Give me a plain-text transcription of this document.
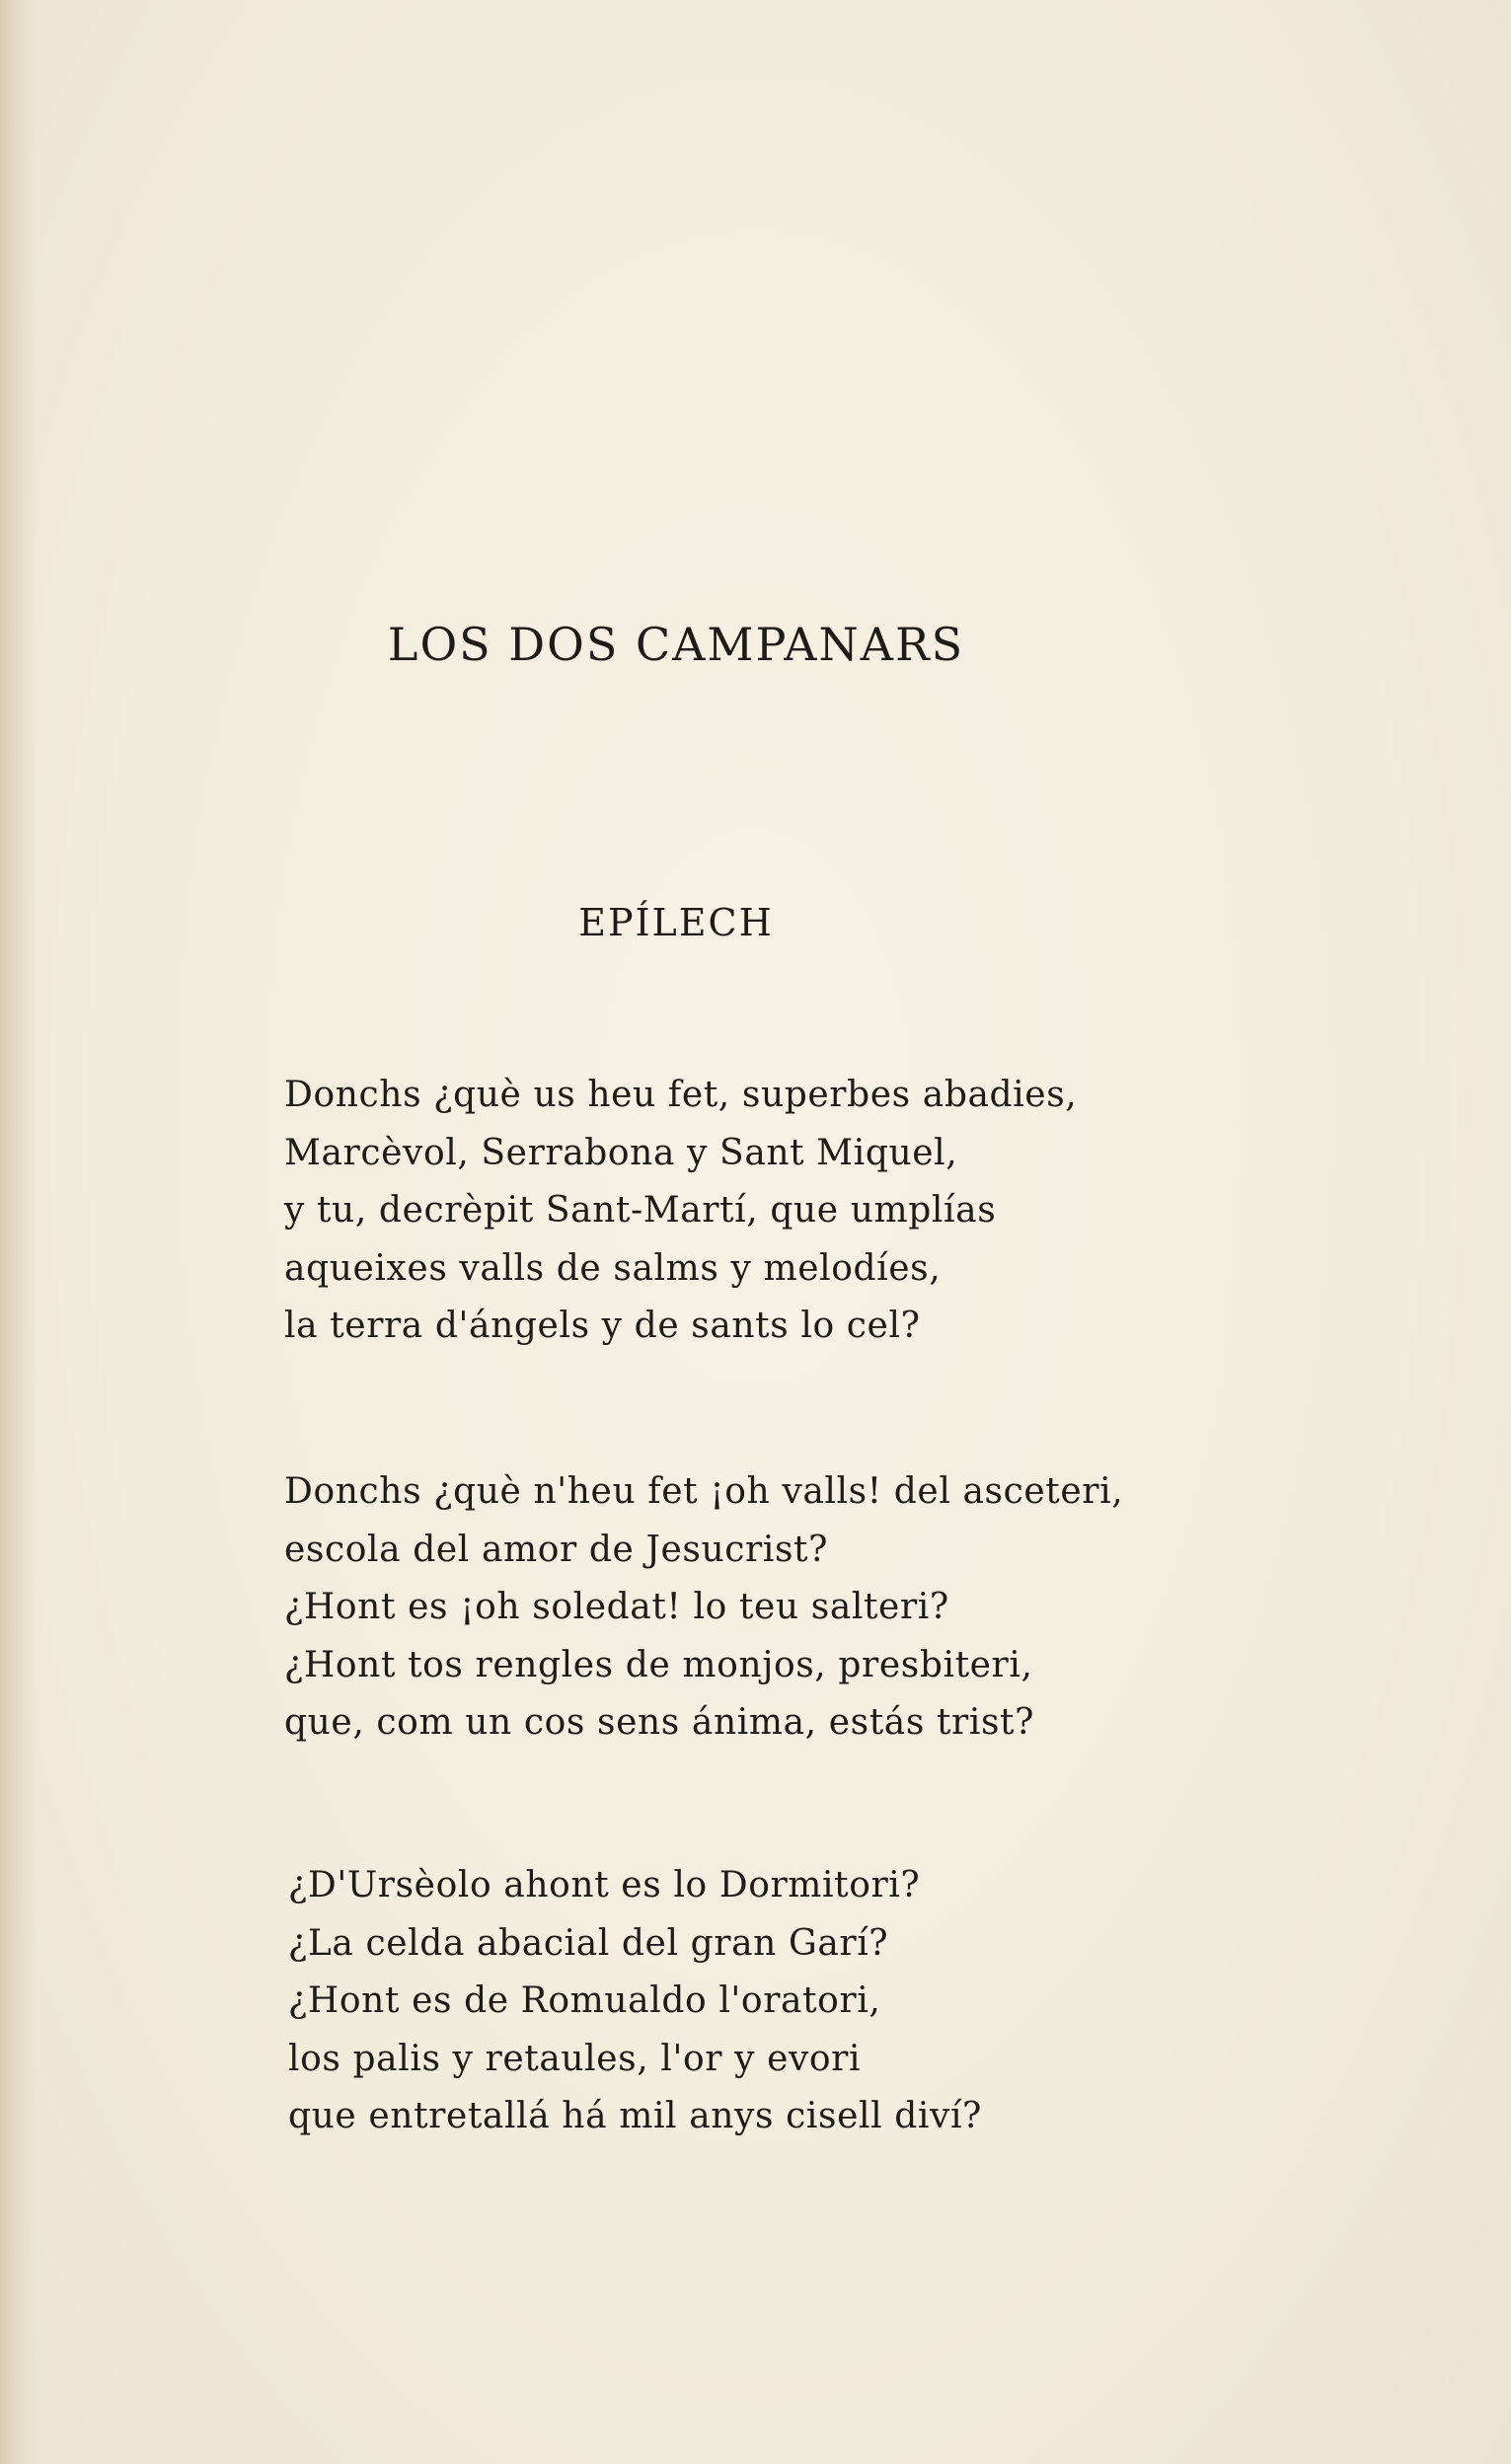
LOS DOS CAMPANARS
EPÍLECH
Donchs ¿què us heu fet, superbes abadies,
Marcèvol, Serrabona y Sant Miquel,
y tu, decrèpit Sant-Martí, que umplías
aqueixes valls de salms y melodíes,
la terra d'ángels y de sants lo cel?
Donchs ¿què n'heu fet ¡oh valls! del asceteri,
escola del amor de Jesucrist?
¿Hont es ¡oh soledat! lo teu salteri?
¿Hont tos rengles de monjos, presbiteri,
que, com un cos sens ánima, estás trist?
¿D'Ursèolo ahont es lo Dormitori?
¿La celda abacial del gran Garí?
¿Hont es de Romualdo l'oratori,
los palis y retaules, l'or y evori
que entretallá há mil anys cisell diví?
